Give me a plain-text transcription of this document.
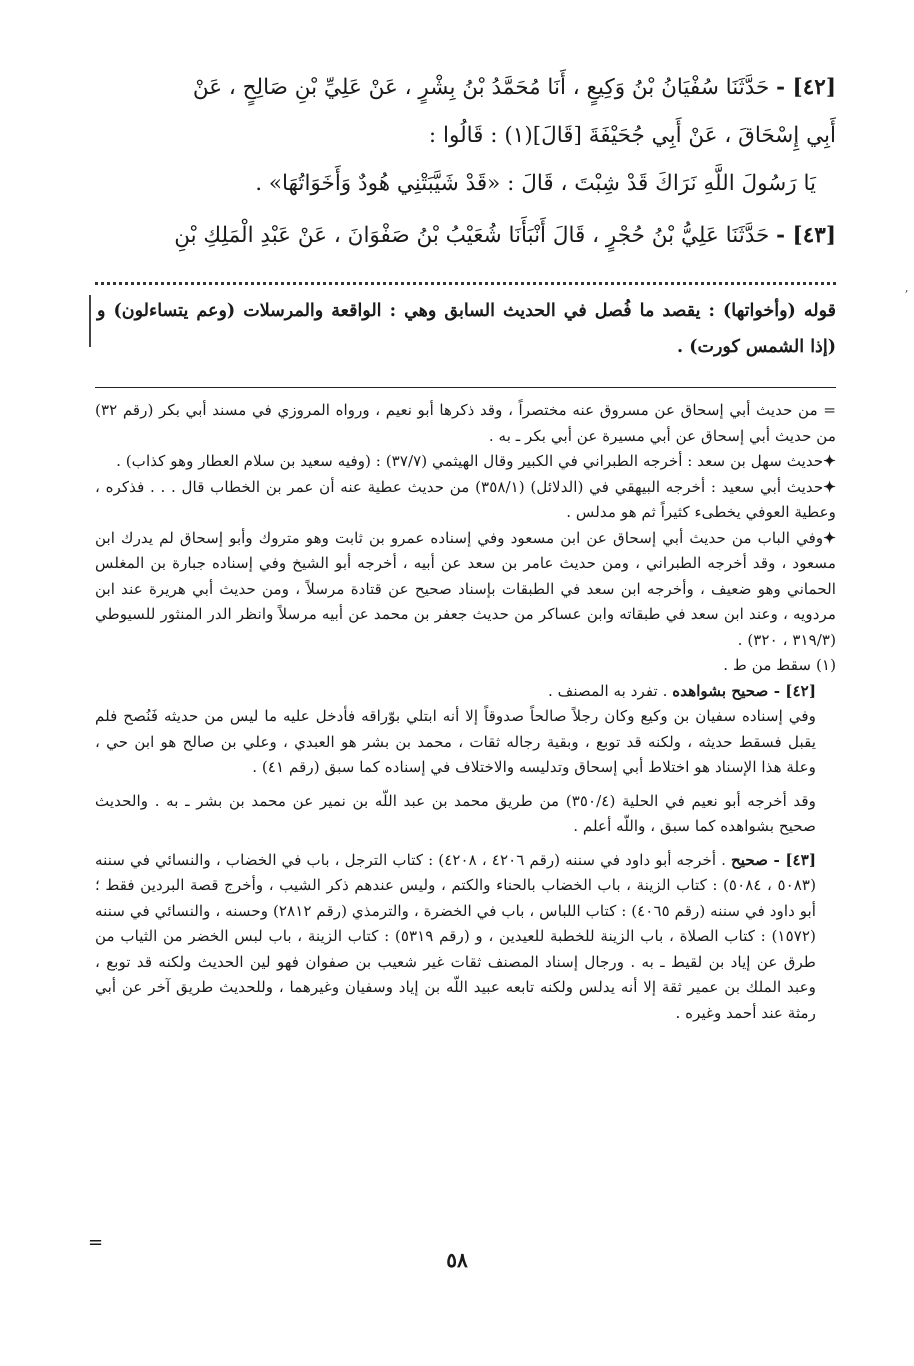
ʼ
=

[٤٢] - حَدَّثَنَا سُفْيَانُ بْنُ وَكِيعٍ ، أَنَا مُحَمَّدُ بْنُ بِشْرٍ ، عَنْ عَلِيِّ بْنِ صَالِحٍ ، عَنْ

أَبِي إِسْحَاقَ ، عَنْ أَبِي جُحَيْفَةَ [قَالَ](١) : قَالُوا :

يَا رَسُولَ اللَّهِ نَرَاكَ قَدْ شِبْتَ ، قَالَ : «قَدْ شَيَّبَتْنِي هُودٌ وَأَخَوَاتُهَا» .

[٤٣] - حَدَّثَنَا عَلِيُّ بْنُ حُجْرٍ ، قَالَ أَنْبَأَنَا شُعَيْبُ بْنُ صَفْوَانَ ، عَنْ عَبْدِ الْمَلِكِ بْنِ

قوله (وأخواتها) : يقصد ما فُصل في الحديث السابق وهي : الواقعة والمرسلات (وعم يتساءلون) و (إذا الشمس كورت) .

= من حديث أبي إسحاق عن مسروق عنه مختصراً ، وقد ذكرها أبو نعيم ، ورواه المروزي في مسند أبي بكر (رقم ٣٢) من حديث أبي إسحاق عن أبي مسيرة عن أبي بكر ـ به .

✦ حديث سهل بن سعد : أخرجه الطبراني في الكبير وقال الهيثمي (٣٧/٧) : (وفيه سعيد بن سلام العطار وهو كذاب) .

✦ حديث أبي سعيد : أخرجه البيهقي في (الدلائل) (٣٥٨/١) من حديث عطية عنه أن عمر بن الخطاب قال . . . فذكره ، وعطية العوفي يخطىء كثيراً ثم هو مدلس .

✦ وفي الباب من حديث أبي إسحاق عن ابن مسعود وفي إسناده عمرو بن ثابت وهو متروك وأبو إسحاق لم يدرك ابن مسعود ، وقد أخرجه الطبراني ، ومن حديث عامر بن سعد عن أبيه ، أخرجه أبو الشيخ وفي إسناده جبارة بن المغلس الحماني وهو ضعيف ، وأخرجه ابن سعد في الطبقات بإسناد صحيح عن قتادة مرسلاً ، ومن حديث أبي هريرة عند ابن مردويه ، وعند ابن سعد في طبقاته وابن عساكر من حديث جعفر بن محمد عن أبيه مرسلاً وانظر الدر المنثور للسيوطي (٣١٩/٣ ، ٣٢٠) .

(١) سقط من ط .

[٤٢] - صحيح بشواهده . تفرد به المصنف .

وفي إسناده سفيان بن وكيع وكان رجلاً صالحاً صدوقاً إلا أنه ابتلي بوّراقه فأدخل عليه ما ليس من حديثه فَنُصح فلم يقبل فسقط حديثه ، ولكنه قد توبع ، وبقية رجاله ثقات ، محمد بن بشر هو العبدي ، وعلي بن صالح هو ابن حي ، وعلة هذا الإسناد هو اختلاط أبي إسحاق وتدليسه والاختلاف في إسناده كما سبق (رقم ٤١) .

وقد أخرجه أبو نعيم في الحلية (٣٥٠/٤) من طريق محمد بن عبد اللّه بن نمير عن محمد بن بشر ـ به . والحديث صحيح بشواهده كما سبق ، واللّه أعلم .

[٤٣] - صحيح . أخرجه أبو داود في سننه (رقم ٤٢٠٦ ، ٤٢٠٨) : كتاب الترجل ، باب في الخضاب ، والنسائي في سننه (٥٠٨٣ ، ٥٠٨٤) : كتاب الزينة ، باب الخضاب بالحناء والكتم ، وليس عندهم ذكر الشيب ، وأخرج قصة البردين فقط ؛ أبو داود في سننه (رقم ٤٠٦٥) : كتاب اللباس ، باب في الخضرة ، والترمذي (رقم ٢٨١٢) وحسنه ، والنسائي في سننه (١٥٧٢) : كتاب الصلاة ، باب الزينة للخطبة للعيدين ، و (رقم ٥٣١٩) : كتاب الزينة ، باب لبس الخضر من الثياب من طرق عن إياد بن لقيط ـ به . ورجال إسناد المصنف ثقات غير شعيب بن صفوان فهو لين الحديث ولكنه قد توبع ، وعبد الملك بن عمير ثقة إلا أنه يدلس ولكنه تابعه عبيد اللّه بن إياد وسفيان وغيرهما ، وللحديث طريق آخر عن أبي رمثة عند أحمد وغيره .

٥٨
